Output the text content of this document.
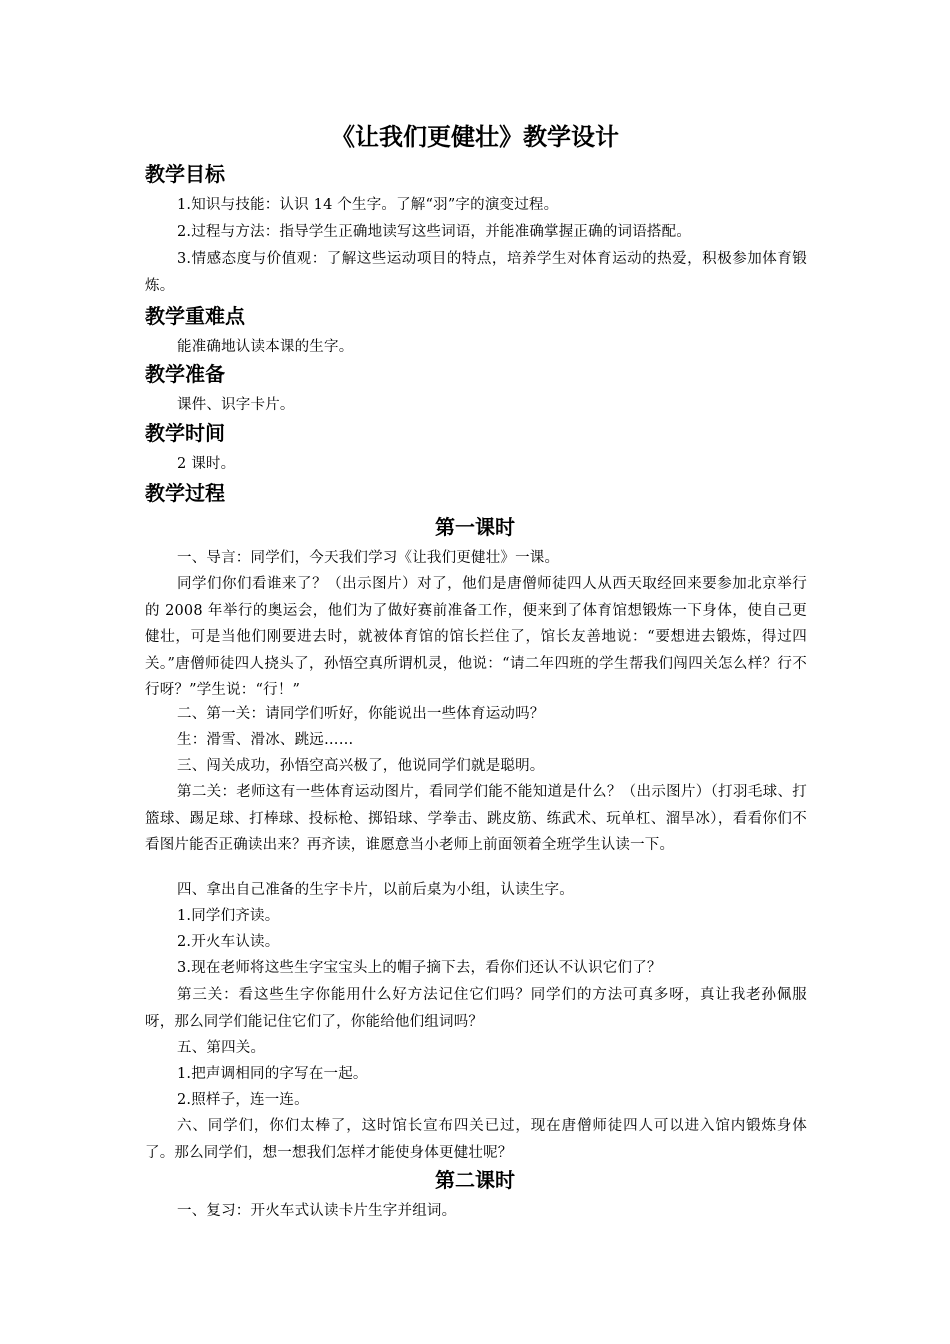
《让我们更健壮》教学设计
教学目标
1.知识与技能：认识 14 个生字。了解“羽”字的演变过程。
2.过程与方法：指导学生正确地读写这些词语，并能准确掌握正确的词语搭配。
3.情感态度与价值观：了解这些运动项目的特点，培养学生对体育运动的热爱，积极参加体育锻炼。
教学重难点
能准确地认读本课的生字。
教学准备
课件、识字卡片。
教学时间
2 课时。
教学过程
第一课时
一、导言：同学们，今天我们学习《让我们更健壮》一课。
同学们你们看谁来了？（出示图片）对了，他们是唐僧师徒四人从西天取经回来要参加北京举行的 2008 年举行的奥运会，他们为了做好赛前准备工作，便来到了体育馆想锻炼一下身体，使自己更健壮，可是当他们刚要进去时，就被体育馆的馆长拦住了，馆长友善地说：“要想进去锻炼，得过四关。”唐僧师徒四人挠头了，孙悟空真所谓机灵，他说：“请二年四班的学生帮我们闯四关怎么样？行不行呀？”学生说：“行！”
二、第一关：请同学们听好，你能说出一些体育运动吗？
生：滑雪、滑冰、跳远……
三、闯关成功，孙悟空高兴极了，他说同学们就是聪明。
第二关：老师这有一些体育运动图片，看同学们能不能知道是什么？（出示图片）（打羽毛球、打篮球、踢足球、打棒球、投标枪、掷铅球、学拳击、跳皮筋、练武术、玩单杠、溜旱冰），看看你们不看图片能否正确读出来？再齐读，谁愿意当小老师上前面领着全班学生认读一下。
四、拿出自己准备的生字卡片，以前后桌为小组，认读生字。
1.同学们齐读。
2.开火车认读。
3.现在老师将这些生字宝宝头上的帽子摘下去，看你们还认不认识它们了？
第三关：看这些生字你能用什么好方法记住它们吗？同学们的方法可真多呀，真让我老孙佩服呀，那么同学们能记住它们了，你能给他们组词吗？
五、第四关。
1.把声调相同的字写在一起。
2.照样子，连一连。
六、同学们，你们太棒了，这时馆长宣布四关已过，现在唐僧师徒四人可以进入馆内锻炼身体了。那么同学们，想一想我们怎样才能使身体更健壮呢？
第二课时
一、复习：开火车式认读卡片生字并组词。
